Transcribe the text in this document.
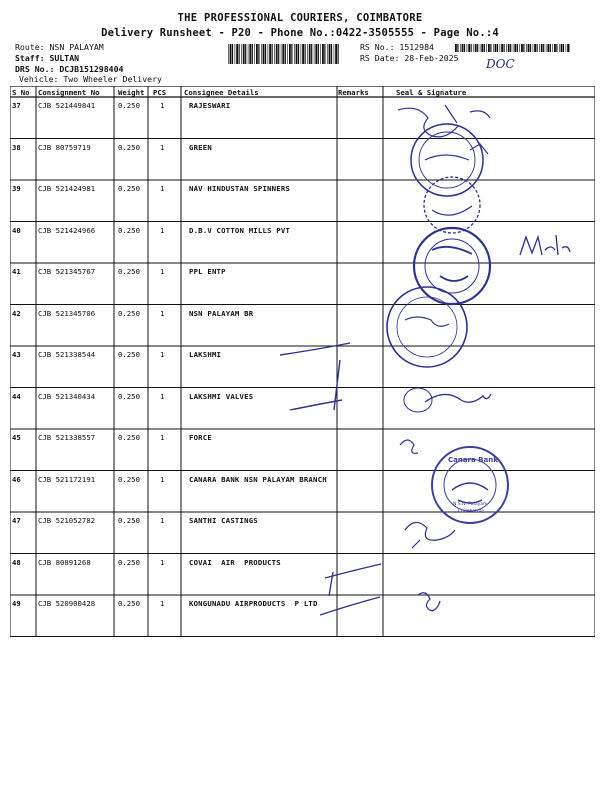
THE PROFESSIONAL COURIERS, COIMBATORE
Delivery Runsheet - P20 - Phone No.:0422-3505555 - Page No.:4
Route: NSN PALAYAM
Staff: SULTAN
DRS No.: DCJB151298404
Vehicle: Two Wheeler Delivery
RS No.: 1512984
RS Date: 28-Feb-2025 DOC
S No Consignment No	Weight PCS Consignee Details	Remarks	Seal & Signature
37 CJB 521449841	0.250	1	RAJESWARI
38 CJB 80759719	0.250	1	GREEN
39 CJB 521424981	0.250	1	NAV HINDUSTAN SPINNERS
40 CJB 521424966	0.250	1	D.B.V COTTON MILLS PVT
41 CJB 521345767	0.250	1	PPL ENTP
42 CJB 521345706	0.250	1	NSN PALAYAM BR
43 CJB 521338544	0.250	1	LAKSHMI
44 CJB 521340434	0.250	1	LAKSHMI VALVES
45 CJB 521338557	0.250	1	FORCE
46 CJB 521172191	0.250	1	CANARA BANK NSN PALAYAM BRANCH
47 CJB 521052782	0.250	1	SANTHI CASTINGS
48 CJB 80891268	0.250	1	COVAI  AIR  PRODUCTS
49 CJB 520900428	0.250	1	KONGUNADU AIRPRODUCTS  P LTD
Canara Bank
N.S.N. Palayam
Coimbatore
